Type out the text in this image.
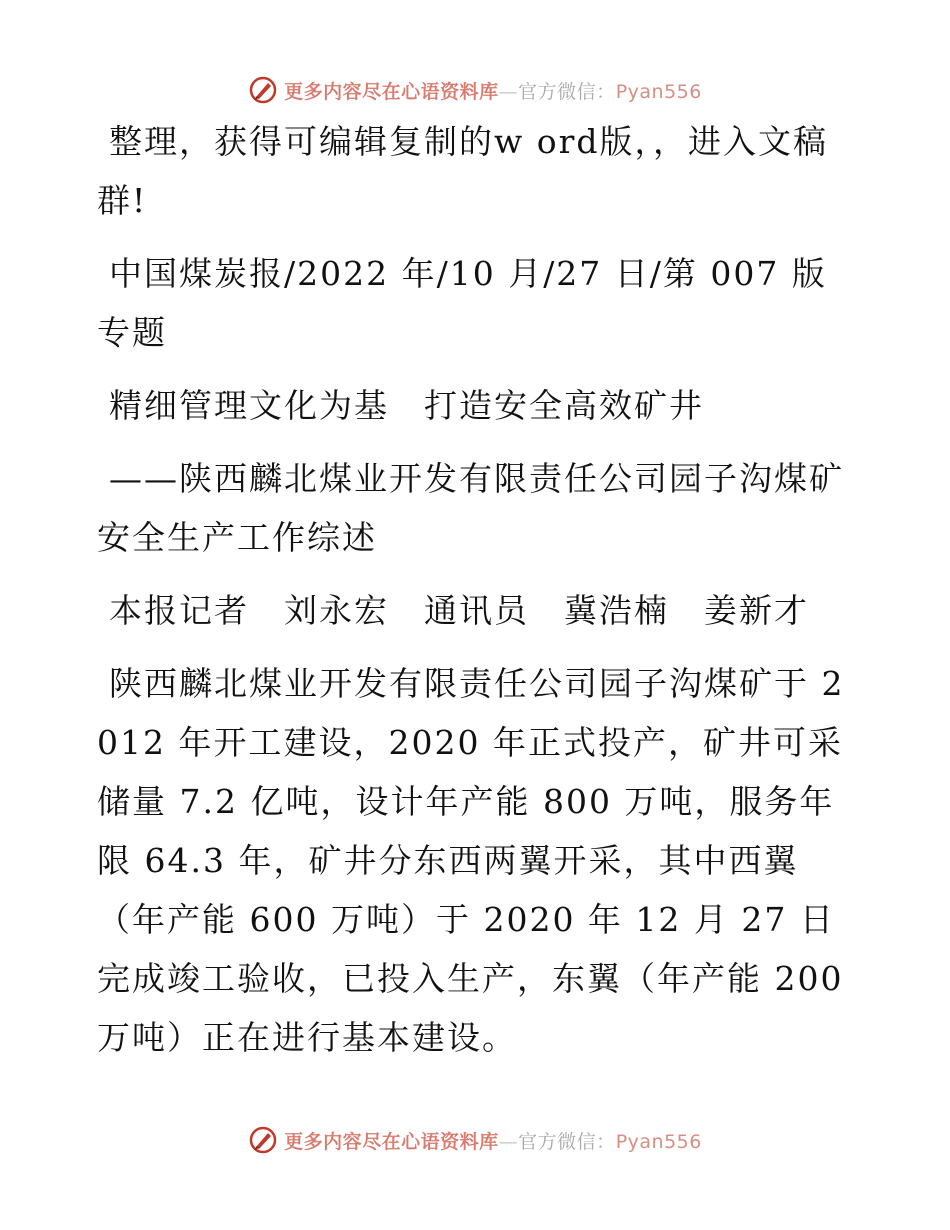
更多内容尽在心语资料库—官方微信：Pyan556

整理，获得可编辑复制的w ord版，，进入文稿群!

中国煤炭报/2022 年/10 月/27 日/第 007 版专题

精细管理文化为基　打造安全高效矿井

——陕西麟北煤业开发有限责任公司园子沟煤矿安全生产工作综述

本报记者　刘永宏　通讯员　冀浩楠　姜新才

陕西麟北煤业开发有限责任公司园子沟煤矿于 2012 年开工建设，2020 年正式投产，矿井可采储量 7.2 亿吨，设计年产能 800 万吨，服务年限 64.3 年，矿井分东西两翼开采，其中西翼（年产能 600 万吨）于 2020 年 12 月 27 日完成竣工验收，已投入生产，东翼（年产能 200 万吨）正在进行基本建设。

更多内容尽在心语资料库—官方微信：Pyan556
